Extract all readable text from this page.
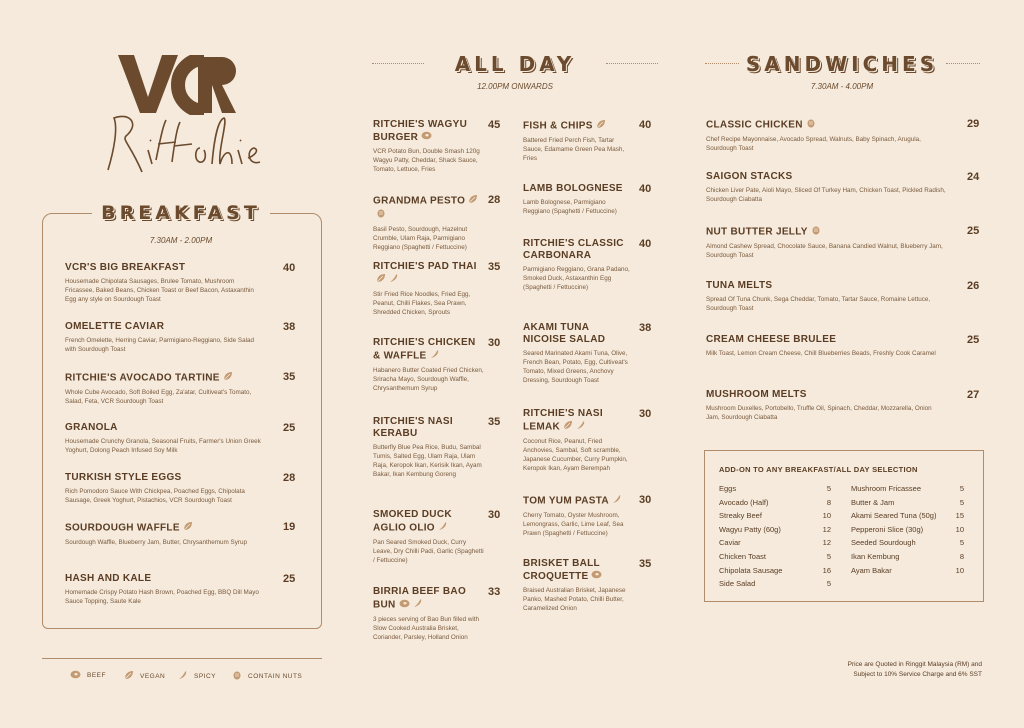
BREAKFAST
7.30AM - 2.00PM
VCR'S BIG BREAKFAST	40
Housemade Chipolata Sausages, Brulee Tomato, Mushroom Fricassee, Baked Beans, Chicken Toast or Beef Bacon, Astaxanthin Egg any style on Sourdough Toast
OMELETTE CAVIAR	38
French Omelette, Herring Caviar, Parmigiano-Reggiano, Side Salad with Sourdough Toast
RITCHIE'S AVOCADO TARTINE	35
Whole Cube Avocado, Soft Boiled Egg, Za'atar, Cultiveat's Tomato, Salad, Feta, VCR Sourdough Toast
GRANOLA	25
Housemade Crunchy Granola, Seasonal Fruits, Farmer's Union Greek Yoghurt, Dolong Peach Infused Soy Milk
TURKISH STYLE EGGS	28
Rich Pomodoro Sauce With Chickpea, Poached Eggs, Chipolata Sausage, Greek Yoghurt, Pistachios, VCR Sourdough Toast
SOURDOUGH WAFFLE	19
Sourdough Waffle, Blueberry Jam, Butter, Chrysanthemum Syrup
HASH AND KALE	25
Homemade Crispy Potato Hash Brown, Poached Egg, BBQ Dill Mayo Sauce Topping, Saute Kale
ALL DAY
12.00PM ONWARDS
RITCHIE'S WAGYU BURGER
45
VCR Potato Bun, Double Smash 120g Wagyu Patty, Cheddar, Shack Sauce, Tomato, Lettuce, Fries
GRANDMA PESTO	28
Basil Pesto, Sourdough, Hazelnut Crumble, Ulam Raja, Parmigiano Reggiano (Spaghetti / Fettuccine)
RITCHIE'S PAD THAI	35
Stir Fried Rice Noodles, Fried Egg, Peanut, Chilli Flakes, Sea Prawn, Shredded Chicken, Sprouts
RITCHIE'S CHICKEN & WAFFLE
30
Habanero Butter Coated Fried Chicken, Sriracha Mayo, Sourdough Waffle, Chrysanthemum Syrup
RITCHIE'S NASI KERABU
35
Butterfly Blue Pea Rice, Budu, Sambal Tumis, Salted Egg, Ulam Raja, Ulam Raja, Keropok Ikan, Kerisik Ikan, Ayam Bakar, Ikan Kembung Goreng
SMOKED DUCK AGLIO OLIO
30
Pan Seared Smoked Duck, Curry Leave, Dry Chilli Padi, Garlic (Spaghetti / Fettuccine)
BIRRIA BEEF BAO BUN
33
3 pieces serving of Bao Bun filled with Slow Cooked Australia Brisket, Coriander, Parsley, Holland Onion
FISH & CHIPS	40
Battered Fried Perch Fish, Tartar Sauce, Edamame Green Pea Mash, Fries
LAMB BOLOGNESE	40
Lamb Bolognese, Parmigiano Reggiano (Spaghetti / Fettuccine)
RITCHIE'S CLASSIC CARBONARA
40
Parmigiano Reggiano, Grana Padano, Smoked Duck, Astaxanthin Egg (Spaghetti / Fettuccine)
AKAMI TUNA NICOISE SALAD
38
Seared Marinated Akami Tuna, Olive, French Bean, Potato, Egg, Cultiveat's Tomato, Mixed Greens, Anchovy Dressing, Sourdough Toast
RITCHIE'S NASI LEMAK
30
Coconut Rice, Peanut, Fried Anchovies, Sambal, Soft scramble, Japanese Cucumber, Curry Pumpkin, Keropok Ikan, Ayam Berempah
TOM YUM PASTA	30
Cherry Tomato, Oyster Mushroom, Lemongrass, Garlic, Lime Leaf, Sea Prawn (Spaghetti / Fettuccine)
BRISKET BALL CROQUETTE
35
Braised Australian Brisket, Japanese Panko, Mashed Potato, Chilli Butter, Caramelized Onion
SANDWICHES
7.30AM - 4.00PM
CLASSIC CHICKEN	29
Chef Recipe Mayonnaise, Avocado Spread, Walnuts, Baby Spinach, Arugula, Sourdough Toast
SAIGON STACKS	24
Chicken Liver Pate, Aioli Mayo, Sliced Of Turkey Ham, Chicken Toast, Pickled Radish, Sourdough Ciabatta
NUT BUTTER JELLY	25
Almond Cashew Spread, Chocolate Sauce, Banana Candied Walnut, Blueberry Jam, Sourdough Toast
TUNA MELTS	26
Spread Of Tuna Chunk, Sega Cheddar, Tomato, Tartar Sauce, Romaine Lettuce, Sourdough Toast
CREAM CHEESE BRULEE	25
Milk Toast, Lemon Cream Cheese, Chill Blueberries Beads, Freshly Cook Caramel
MUSHROOM MELTS	27
Mushroom Duxelles, Portobello, Truffle Oil, Spinach, Cheddar, Mozzarella, Onion Jam, Sourdough Ciabatta
ADD-ON TO ANY BREAKFAST/ALL DAY SELECTION
Eggs	5
Avocado (Half)	8
Streaky Beef	10
Wagyu Patty (60g)	12
Caviar	12
Chicken Toast	5
Chipolata Sausage	16
Side Salad	5
Mushroom Fricassee	5
Butter & Jam	5
Akami Seared Tuna (50g)	15
Pepperoni Slice (30g)	10
Seeded Sourdough	5
Ikan Kembung	8
Ayam Bakar	10
BEEF	VEGAN	SPICY	CONTAIN NUTS
Price are Quoted in Ringgit Malaysia (RM) and
Subject to 10% Service Charge and 6% SST
